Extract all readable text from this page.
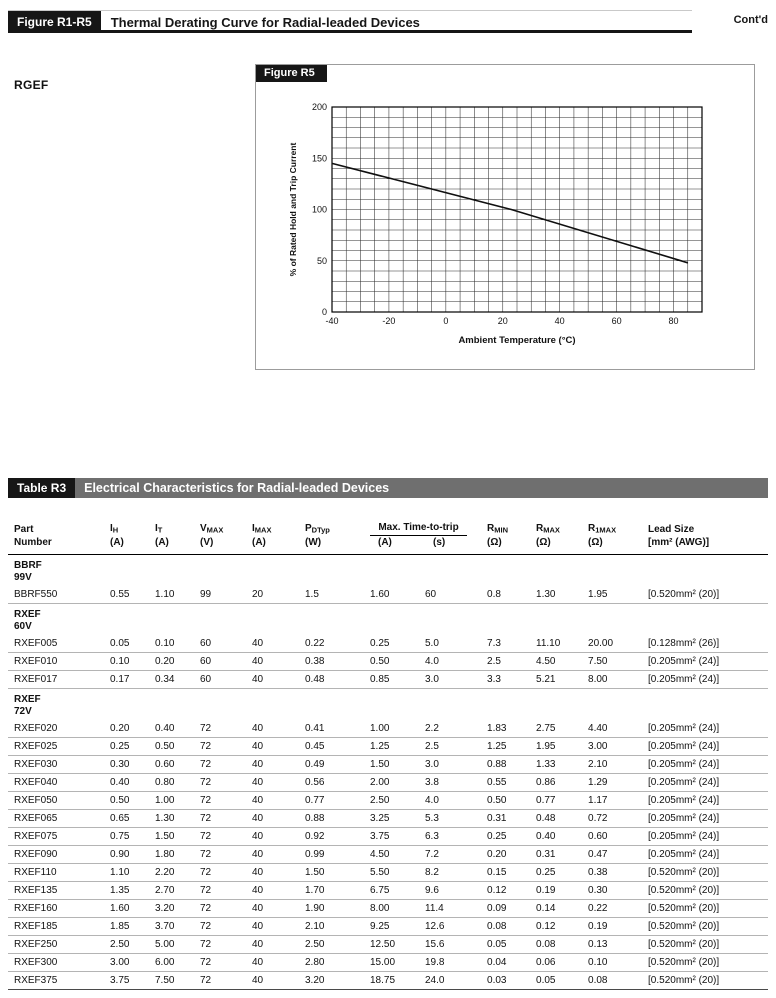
Figure R1-R5	Thermal Derating Curve for Radial-leaded Devices	Cont'd
RGEF
Figure R5
-40	-20	0	20	40	60	80
0
50
100
150
200
Ambient Temperature (°C)
% of Rated Hold and Trip Current
Table R3	Electrical Characteristics for Radial-leaded Devices
Part	IH	IT	VMAX	IMAX	PDTyp	Max. Time-to-trip		RMIN	RMAX	R1MAX	Lead Size
Number	(A)	(A)	(V)	(A)	(W)	(A)	(s)	(Ω)	(Ω)	(Ω)	[mm² (AWG)]
BBRF
99V											
BBRF550	0.55	1.10	99	20	1.5	1.60	60	0.8	1.30	1.95	[0.520mm² (20)]
RXEF
60V											
RXEF005	0.05	0.10	60	40	0.22	0.25	5.0	7.3	11.10	20.00	[0.128mm² (26)]
RXEF010	0.10	0.20	60	40	0.38	0.50	4.0	2.5	4.50	7.50	[0.205mm² (24)]
RXEF017	0.17	0.34	60	40	0.48	0.85	3.0	3.3	5.21	8.00	[0.205mm² (24)]
RXEF
72V											
RXEF020	0.20	0.40	72	40	0.41	1.00	2.2	1.83	2.75	4.40	[0.205mm² (24)]
RXEF025	0.25	0.50	72	40	0.45	1.25	2.5	1.25	1.95	3.00	[0.205mm² (24)]
RXEF030	0.30	0.60	72	40	0.49	1.50	3.0	0.88	1.33	2.10	[0.205mm² (24)]
RXEF040	0.40	0.80	72	40	0.56	2.00	3.8	0.55	0.86	1.29	[0.205mm² (24)]
RXEF050	0.50	1.00	72	40	0.77	2.50	4.0	0.50	0.77	1.17	[0.205mm² (24)]
RXEF065	0.65	1.30	72	40	0.88	3.25	5.3	0.31	0.48	0.72	[0.205mm² (24)]
RXEF075	0.75	1.50	72	40	0.92	3.75	6.3	0.25	0.40	0.60	[0.205mm² (24)]
RXEF090	0.90	1.80	72	40	0.99	4.50	7.2	0.20	0.31	0.47	[0.205mm² (24)]
RXEF110	1.10	2.20	72	40	1.50	5.50	8.2	0.15	0.25	0.38	[0.520mm² (20)]
RXEF135	1.35	2.70	72	40	1.70	6.75	9.6	0.12	0.19	0.30	[0.520mm² (20)]
RXEF160	1.60	3.20	72	40	1.90	8.00	11.4	0.09	0.14	0.22	[0.520mm² (20)]
RXEF185	1.85	3.70	72	40	2.10	9.25	12.6	0.08	0.12	0.19	[0.520mm² (20)]
RXEF250	2.50	5.00	72	40	2.50	12.50	15.6	0.05	0.08	0.13	[0.520mm² (20)]
RXEF300	3.00	6.00	72	40	2.80	15.00	19.8	0.04	0.06	0.10	[0.520mm² (20)]
RXEF375	3.75	7.50	72	40	3.20	18.75	24.0	0.03	0.05	0.08	[0.520mm² (20)]
